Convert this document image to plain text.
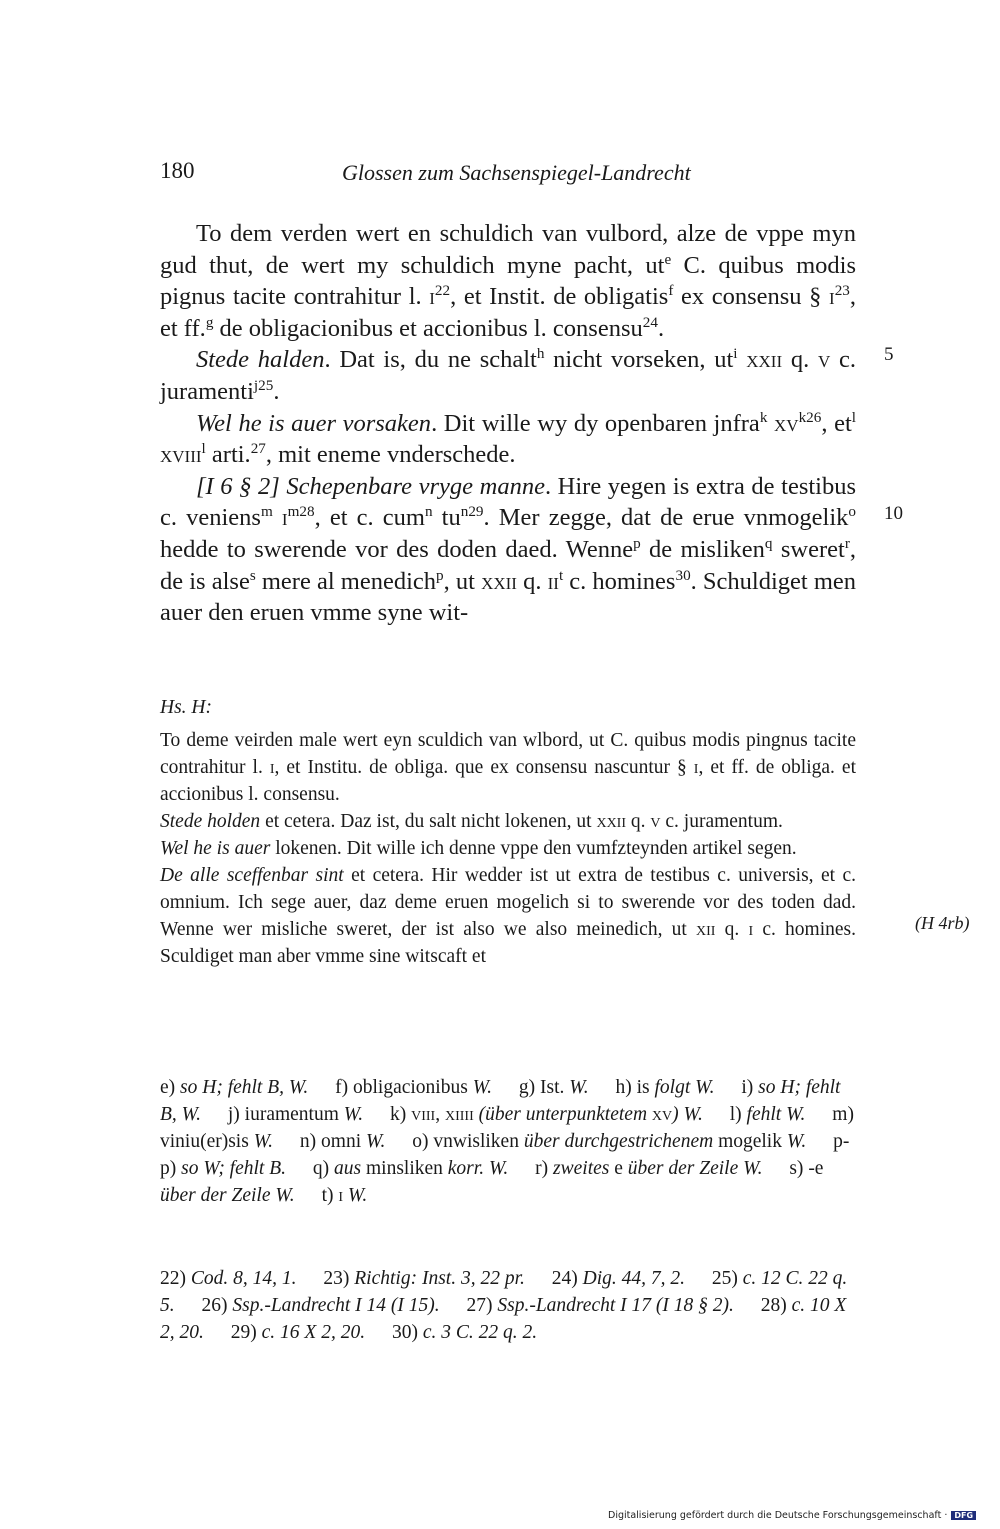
180	Glossen zum Sachsenspiegel-Landrecht
5
10

To dem verden wert en schuldich van vulbord, alze de vppe myn gud thut, de wert my schuldich myne pacht, $ut^e$ C. quibus modis pignus tacite contrahitur l. $i^{22}$, et Instit. de obligatis$^f$ ex consensu § $i^{23}$, et ff.$^g$ de obligacionibus et accionibus l. consensu$^{24}$.

Stede halden. Dat is, du ne schalt$^h$ nicht vorseken, $ut^i$ xxii q. v c. juramenti$^{j25}$.

Wel he is auer vorsaken. Dit wille wy dy openbaren jnfra$^k$ $xv^{k26}$, $et^l$ xviii$^l$ arti.$^{27}$, mit eneme vnderschede.

[I 6 § 2] Schepenbare vryge manne. Hire yegen is extra de testibus c. veniens$^m$ $i^{m28}$, et c. cum$^n$ $tu^{n29}$. Mer zegge, dat de erue vnmogelik$^o$ hedde to swerende vor des doden daed. Wenne$^p$ de misliken$^q$ sweret$^r$, de is alse$^s$ mere al menedich$^p$, ut xxii q. $ii^t$ c. homines$^{30}$. Schuldiget men auer den eruen vmme syne wit-

Hs. H:
(H 4rb)

To deme veirden male wert eyn sculdich van wlbord, ut C. quibus modis pingnus tacite contrahitur l. i, et Institu. de obliga. que ex consensu nascuntur § i, et ff. de obliga. et accionibus l. consensu.

Stede holden et cetera. Daz ist, du salt nicht lokenen, ut xxii q. v c. juramentum.

Wel he is auer lokenen. Dit wille ich denne vppe den vumfzteynden artikel segen.

De alle sceffenbar sint et cetera. Hir wedder ist ut extra de testibus c. universis, et c. omnium. Ich sege auer, daz deme eruen mogelich si to swerende vor des toden dad. Wenne wer misliche sweret, der ist also we also meinedich, ut xii q. i c. homines. Sculdiget man aber vmme sine witscaft et

e) so H; fehlt B, W. f) obligacionibus W. g) Ist. W. h) is folgt W. i) so H; fehlt B, W. j) iuramentum W. k) viii, xiiii (über unterpunktetem xv) W. l) fehlt W. m) viniu(er)sis W. n) omni W. o) vnwisliken über durchgestrichenem mogelik W. p-p) so W; fehlt B. q) aus minsliken korr. W. r) zweites e über der Zeile W. s) -e über der Zeile W. t) i W.
22) Cod. 8, 14, 1. 23) Richtig: Inst. 3, 22 pr. 24) Dig. 44, 7, 2. 25) c. 12 C. 22 q. 5. 26) Ssp.-Landrecht I 14 (I 15). 27) Ssp.-Landrecht I 17 (I 18 § 2). 28) c. 10 X 2, 20. 29) c. 16 X 2, 20. 30) c. 3 C. 22 q. 2.
Digitalisierung gefördert durch die Deutsche Forschungsgemeinschaft · DFG
